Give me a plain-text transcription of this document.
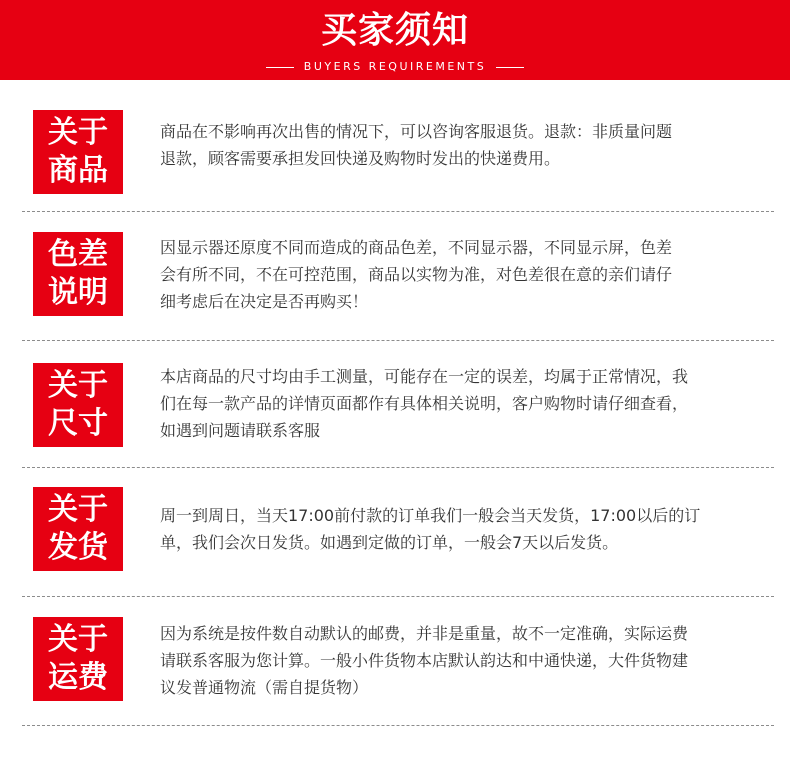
买家须知
BUYERS REQUIREMENTS
关于
商品
商品在不影响再次出售的情况下，可以咨询客服退货。退款：非质量问题
退款，顾客需要承担发回快递及购物时发出的快递费用。
色差
说明
因显示器还原度不同而造成的商品色差，不同显示器，不同显示屏，色差
会有所不同，不在可控范围，商品以实物为准，对色差很在意的亲们请仔
细考虑后在决定是否再购买！
关于
尺寸
本店商品的尺寸均由手工测量，可能存在一定的误差，均属于正常情况，我
们在每一款产品的详情页面都作有具体相关说明，客户购物时请仔细查看，
如遇到问题请联系客服
关于
发货
周一到周日，当天17:00前付款的订单我们一般会当天发货，17:00以后的订
单，我们会次日发货。如遇到定做的订单，一般会7天以后发货。
关于
运费
因为系统是按件数自动默认的邮费，并非是重量，故不一定准确，实际运费
请联系客服为您计算。一般小件货物本店默认韵达和中通快递，大件货物建
议发普通物流（需自提货物）
